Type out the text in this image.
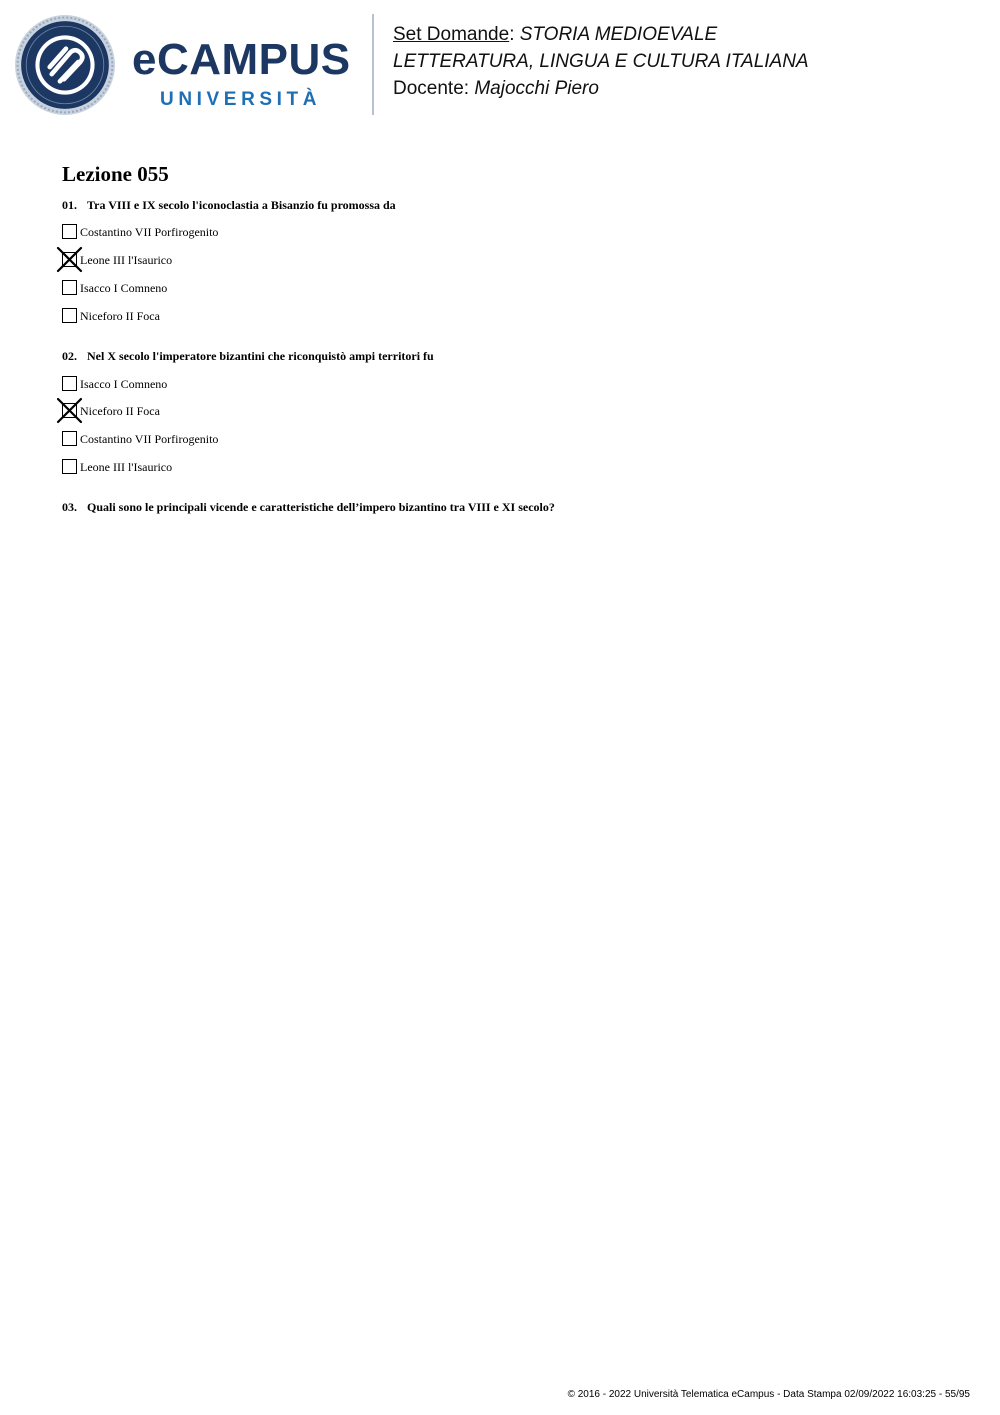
eCAMPUS
UNIVERSITÀ
Set Domande: STORIA MEDIOEVALE
LETTERATURA, LINGUA E CULTURA ITALIANA
Docente: Majocchi Piero
Lezione 055
01. Tra VIII e IX secolo l'iconoclastia a Bisanzio fu promossa da
Costantino VII Porfirogenito
Leone III l'Isaurico
Isacco I Comneno
Niceforo II Foca
02. Nel X secolo l'imperatore bizantini che riconquistò ampi territori fu
Isacco I Comneno
Niceforo II Foca
Costantino VII Porfirogenito
Leone III l'Isaurico
03. Quali sono le principali vicende e caratteristiche dell’impero bizantino tra VIII e XI secolo?
© 2016 - 2022 Università Telematica eCampus - Data Stampa 02/09/2022 16:03:25 - 55/95
